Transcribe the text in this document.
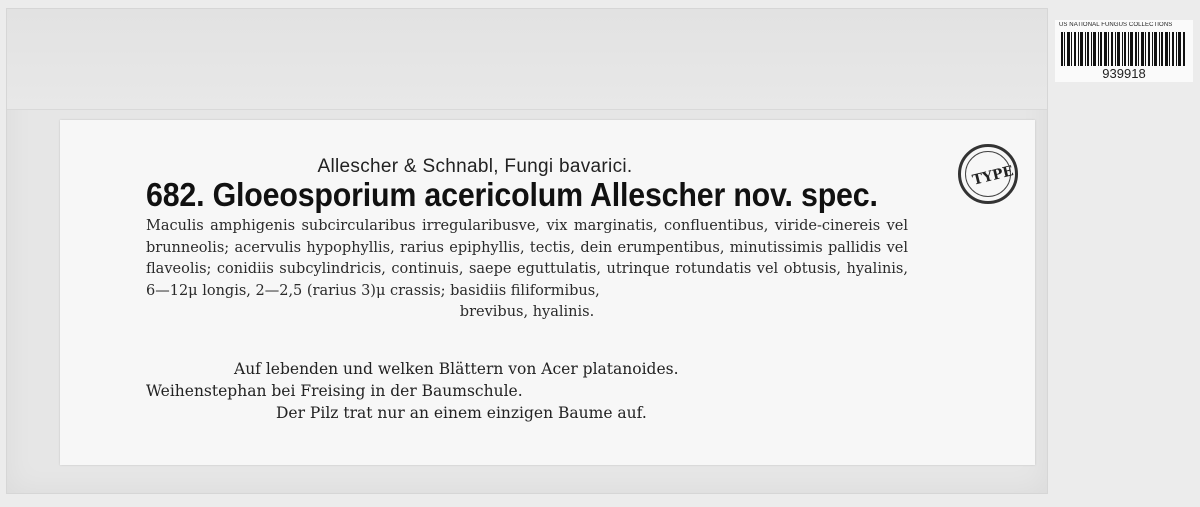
Allescher & Schnabl, Fungi bavarici.
682. Gloeosporium acericolum Allescher nov. spec.
Maculis amphigenis subcircularibus irregularibusve, vix marginatis, confluentibus, viride-cinereis vel brunneolis; acervulis hypophyllis, rarius epiphyllis, tectis, dein erumpentibus, minutissimis pallidis vel flaveolis; conidiis subcylindricis, continuis, saepe eguttulatis, utrinque rotundatis vel obtusis, hyalinis, 6—12μ longis, 2—2,5 (rarius 3)μ crassis; basidiis filiformibus,
brevibus, hyalinis.
Auf lebenden und welken Blättern von Acer platanoides.
Weihenstephan bei Freising in der Baumschule.
Der Pilz trat nur an einem einzigen Baume auf.
TYPE
US NATIONAL FUNGUS COLLECTIONS
939918
